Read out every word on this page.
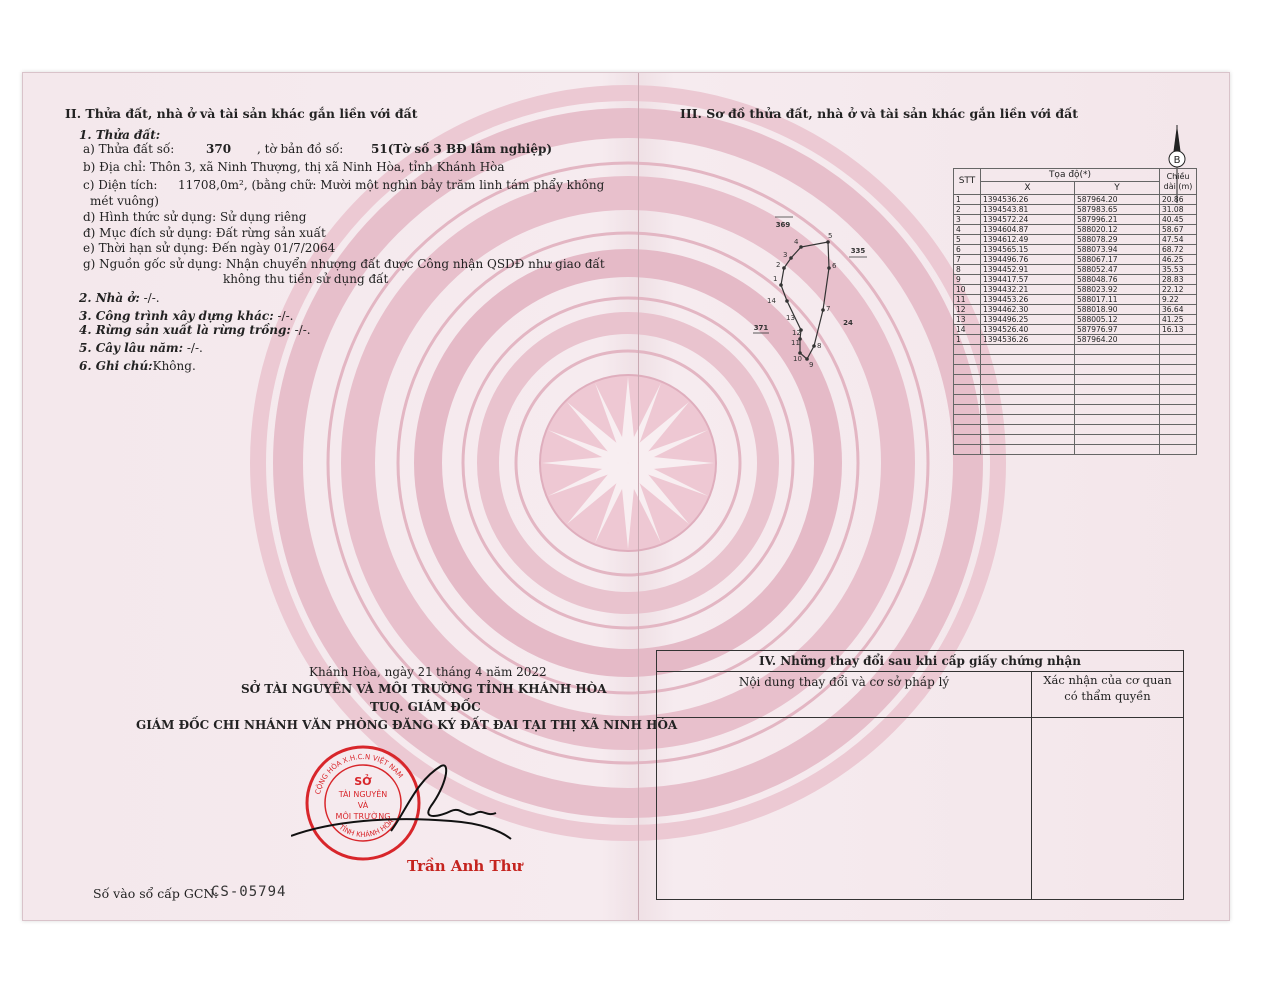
II. Thửa đất, nhà ở và tài sản khác gắn liền với đất
1. Thửa đất:
a) Thửa đất số:	370 , tờ bản đồ số: 51(Tờ số 3 BĐ lâm nghiệp)
b) Địa chỉ: Thôn 3, xã Ninh Thượng, thị xã Ninh Hòa, tỉnh Khánh Hòa
c) Diện tích: 11708,0m², (bằng chữ: Mười một nghìn bảy trăm linh tám phẩy không
mét vuông)
d) Hình thức sử dụng: Sử dụng riêng
đ) Mục đích sử dụng: Đất rừng sản xuất
e) Thời hạn sử dụng: Đến ngày 01/7/2064
g) Nguồn gốc sử dụng: Nhận chuyển nhượng đất được Công nhận QSDĐ như giao đất
không thu tiền sử dụng đất
2. Nhà ở: -/-.
3. Công trình xây dựng khác: -/-.
4. Rừng sản xuất là rừng trồng: -/-.
5. Cây lâu năm: -/-.
6. Ghi chú:Không.
Khánh Hòa, ngày 21 tháng 4 năm 2022
SỞ TÀI NGUYÊN VÀ MÔI TRƯỜNG TỈNH KHÁNH HÒA
TUQ. GIÁM ĐỐC
GIÁM ĐỐC CHI NHÁNH VĂN PHÒNG ĐĂNG KÝ ĐẤT ĐAI TẠI THỊ XÃ NINH HÒA
CỘNG HÒA X.H.C.N VIỆT NAM
TỈNH KHÁNH HÒA
SỞ
TÀI NGUYÊN
VÀ
MÔI TRƯỜNG
Trần Anh Thư
Số vào sổ cấp GCN:
CS-05794
III. Sơ đồ thửa đất, nhà ở và tài sản khác gắn liền với đất
B
1
2
3
4
5
6
7
8
9
10
11
12
13
14
369
335
371
24
STT	Tọa độ(*)		Chiều dài (m)
	X	Y	
1	1394536.26	587964.20	20.86
2	1394543.81	587983.65	31.08
3	1394572.24	587996.21	40.45
4	1394604.87	588020.12	58.67
5	1394612.49	588078.29	47.54
6	1394565.15	588073.94	68.72
7	1394496.76	588067.17	46.25
8	1394452.91	588052.47	35.53
9	1394417.57	588048.76	28.83
10	1394432.21	588023.92	22.12
11	1394453.26	588017.11	9.22
12	1394462.30	588018.90	36.64
13	1394496.25	588005.12	41.25
14	1394526.40	587976.97	16.13
1	1394536.26	587964.20	

IV. Những thay đổi sau khi cấp giấy chứng nhận
Nội dung thay đổi và cơ sở pháp lý	Xác nhận của cơ quan
có thẩm quyền
